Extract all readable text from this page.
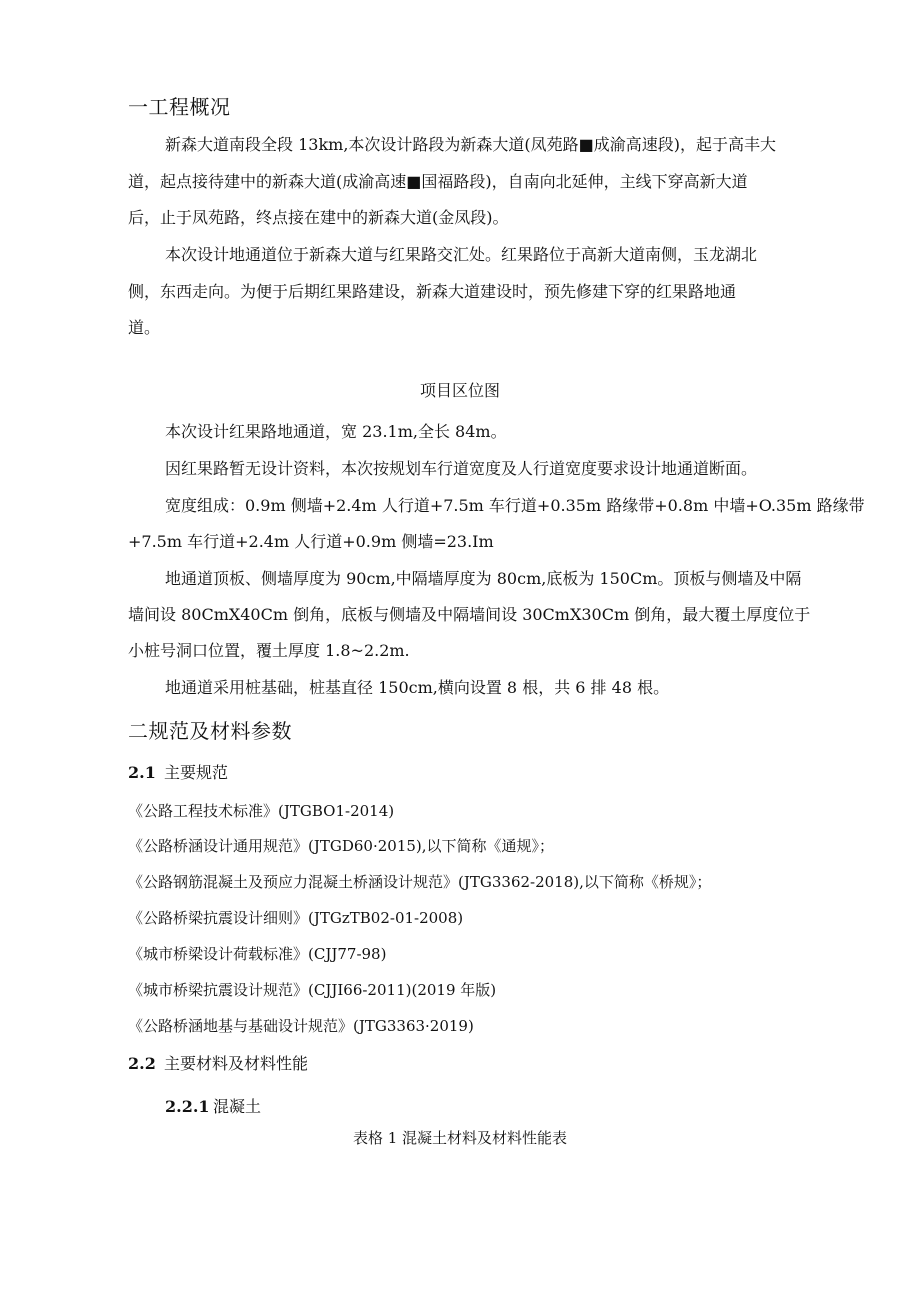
一工程概况
新森大道南段全段 13km,本次设计路段为新森大道(凤苑路■成渝高速段)，起于高丰大
道，起点接待建中的新森大道(成渝高速■国福路段)，自南向北延伸，主线下穿高新大道
后，止于凤苑路，终点接在建中的新森大道(金凤段)。
本次设计地通道位于新森大道与红果路交汇处。红果路位于高新大道南侧，玉龙湖北
侧，东西走向。为便于后期红果路建设，新森大道建设时，预先修建下穿的红果路地通
道。
项目区位图
本次设计红果路地通道，宽 23.1m,全长 84m。
因红果路暂无设计资料，本次按规划车行道宽度及人行道宽度要求设计地通道断面。
宽度组成：0.9m 侧墙+2.4m 人行道+7.5m 车行道+0.35m 路缘带+0.8m 中墙+O.35m 路缘带
+7.5m 车行道+2.4m 人行道+0.9m 侧墙=23.Im
地通道顶板、侧墙厚度为 90cm,中隔墙厚度为 80cm,底板为 150Cm。顶板与侧墙及中隔
墙间设 80CmX40Cm 倒角，底板与侧墙及中隔墙间设 30CmX30Cm 倒角，最大覆土厚度位于
小桩号洞口位置，覆土厚度 1.8~2.2m.
地通道采用桩基础，桩基直径 150cm,横向设置 8 根，共 6 排 48 根。
二规范及材料参数
2.1 主要规范
《公路工程技术标准》(JTGBO1-2014)
《公路桥涵设计通用规范》(JTGD60·2015),以下简称《通规》；
《公路钢筋混凝土及预应力混凝土桥涵设计规范》(JTG3362-2018),以下简称《桥规》；
《公路桥梁抗震设计细则》(JTGzTB02-01-2008)
《城市桥梁设计荷载标准》(CJJ77-98)
《城市桥梁抗震设计规范》(CJJI66-2011)(2019 年版)
《公路桥涵地基与基础设计规范》(JTG3363·2019)
2.2 主要材料及材料性能
2.2.1 混凝土
表格 1 混凝土材料及材料性能表
